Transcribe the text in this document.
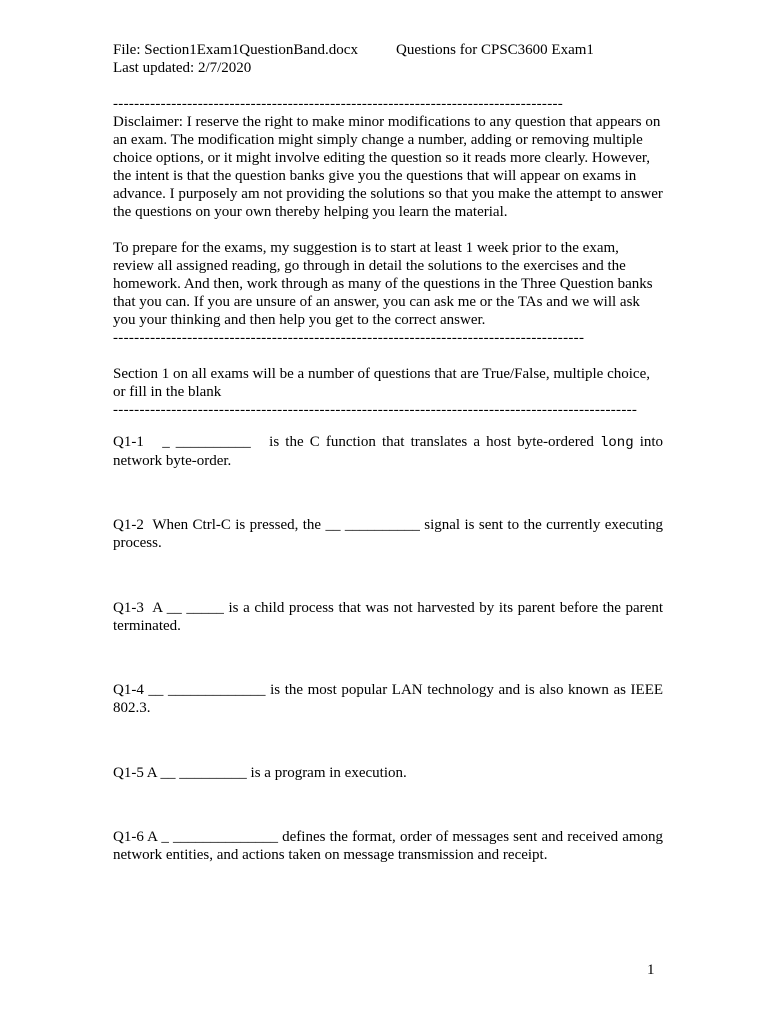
File: Section1Exam1QuestionBand.docx	Questions for CPSC3600 Exam1
Last updated: 2/7/2020
-------------------------------------------------------------------------------------

Disclaimer: I reserve the right to make minor modifications to any question that appears on an exam. The modification might simply change a number, adding or removing multiple choice options, or it might involve editing the question so it reads more clearly. However, the intent is that the question banks give you the questions that will appear on exams in advance. I purposely am not providing the solutions so that you make the attempt to answer the questions on your own thereby helping you learn the material.

To prepare for the exams, my suggestion is to start at least 1 week prior to the exam, review all assigned reading, go through in detail the solutions to the exercises and the homework. And then, work through as many of the questions in the Three Question banks that you can. If you are unsure of an answer, you can ask me or the TAs and we will ask you your thinking and then help you get to the correct answer.

-----------------------------------------------------------------------------------------

Section 1 on all exams will be a number of questions that are True/False, multiple choice, or fill in the blank

---------------------------------------------------------------------------------------------------
Q1-1 _ __________ is the C function that translates a host byte-ordered long into network byte-order.
Q1-2 When Ctrl-C is pressed, the __ __________ signal is sent to the currently executing process.
Q1-3 A __ _____ is a child process that was not harvested by its parent before the parent terminated.
Q1-4 __ _____________ is the most popular LAN technology and is also known as IEEE 802.3.
Q1-5 A __ _________ is a program in execution.
Q1-6 A _ ______________ defines the format, order of messages sent and received among network entities, and actions taken on message transmission and receipt.
1
